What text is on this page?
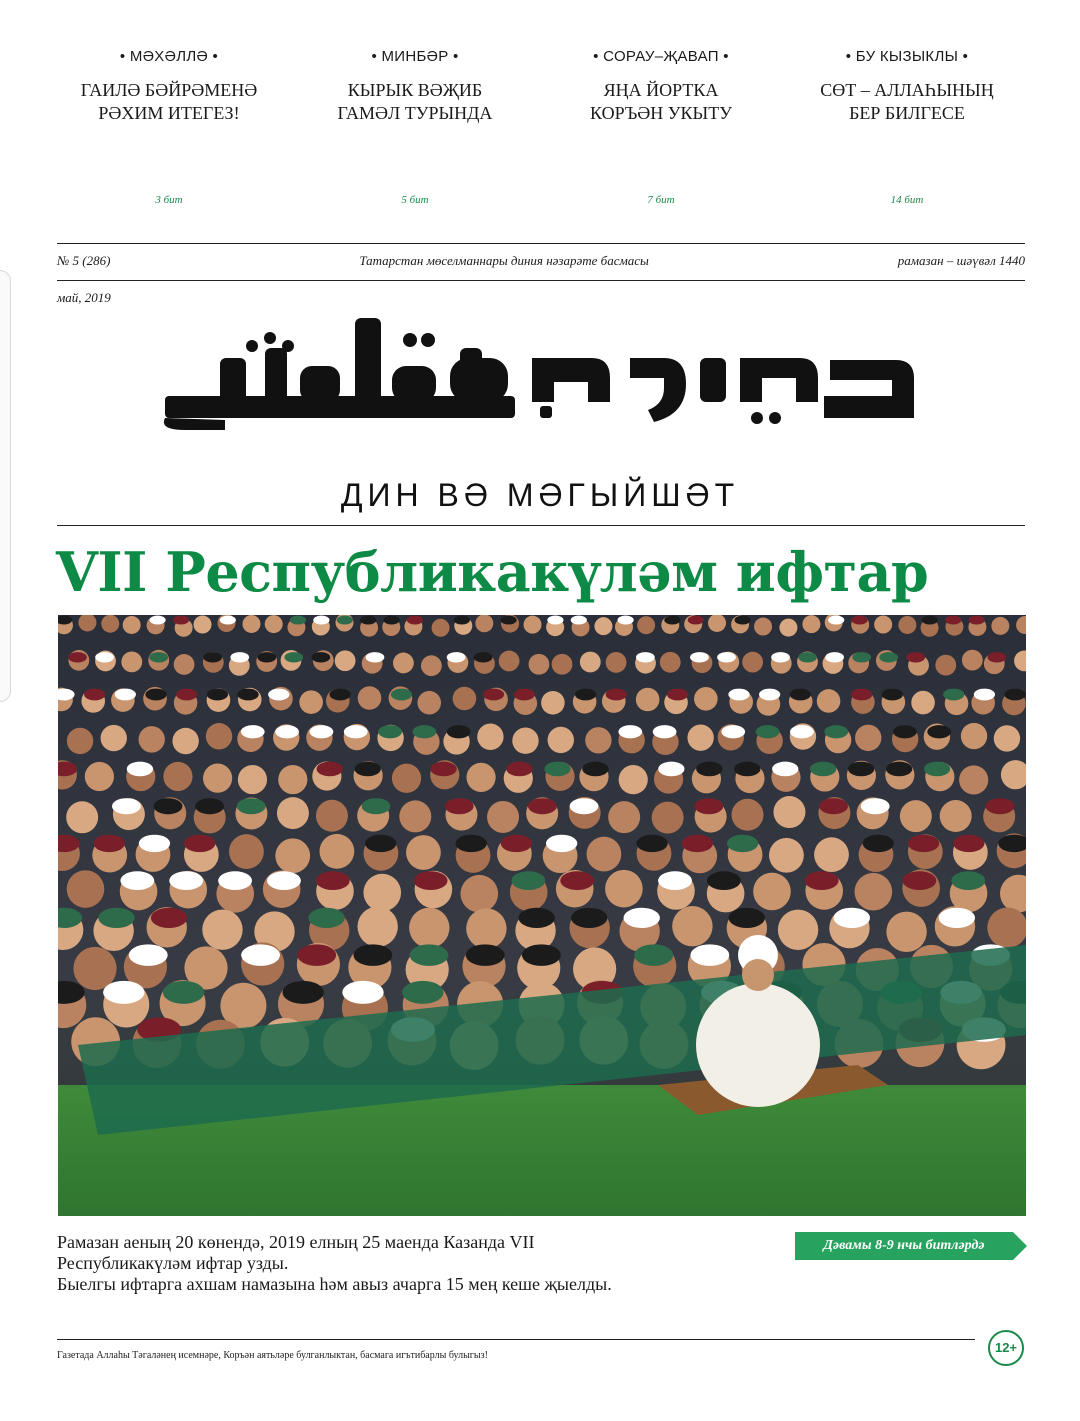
• МӘХӘЛЛӘ •
ГАИЛӘ БӘЙРӘМЕНӘ
РӘХИМ ИТЕГЕЗ!
3 бит
• МИНБӘР •
КЫРЫК ВӘҖИБ
ГАМӘЛ ТУРЫНДА
5 бит
• СОРАУ–ҖАВАП •
ЯҢА ЙОРТКА
КОРЪӘН УКЫТУ
7 бит
• БУ КЫЗЫКЛЫ •
СӨТ – АЛЛАҺЫНЫҢ
БЕР БИЛГЕСЕ
14 бит
№ 5 (286)	Татарстан мөселманнары диния нәзарәте басмасы	рамазан – шәүвәл 1440
май, 2019
ДИН ВӘ МӘГЫЙШӘТ
VII Республикакүләм ифтар
Рамазан аеның 20 көнендә, 2019 елның 25 маенда Казанда VII
Республикакүләм ифтар узды.
Быелгы ифтарга ахшам намазына һәм авыз ачарга 15 мең кеше җыелды.
Дәвамы 8-9 нчы битләрдә
Газетада Аллаһы Тәгаләнең исемнәре, Коръән аятьләре булганлыктан, басмага игътибарлы булыгыз!
12+
